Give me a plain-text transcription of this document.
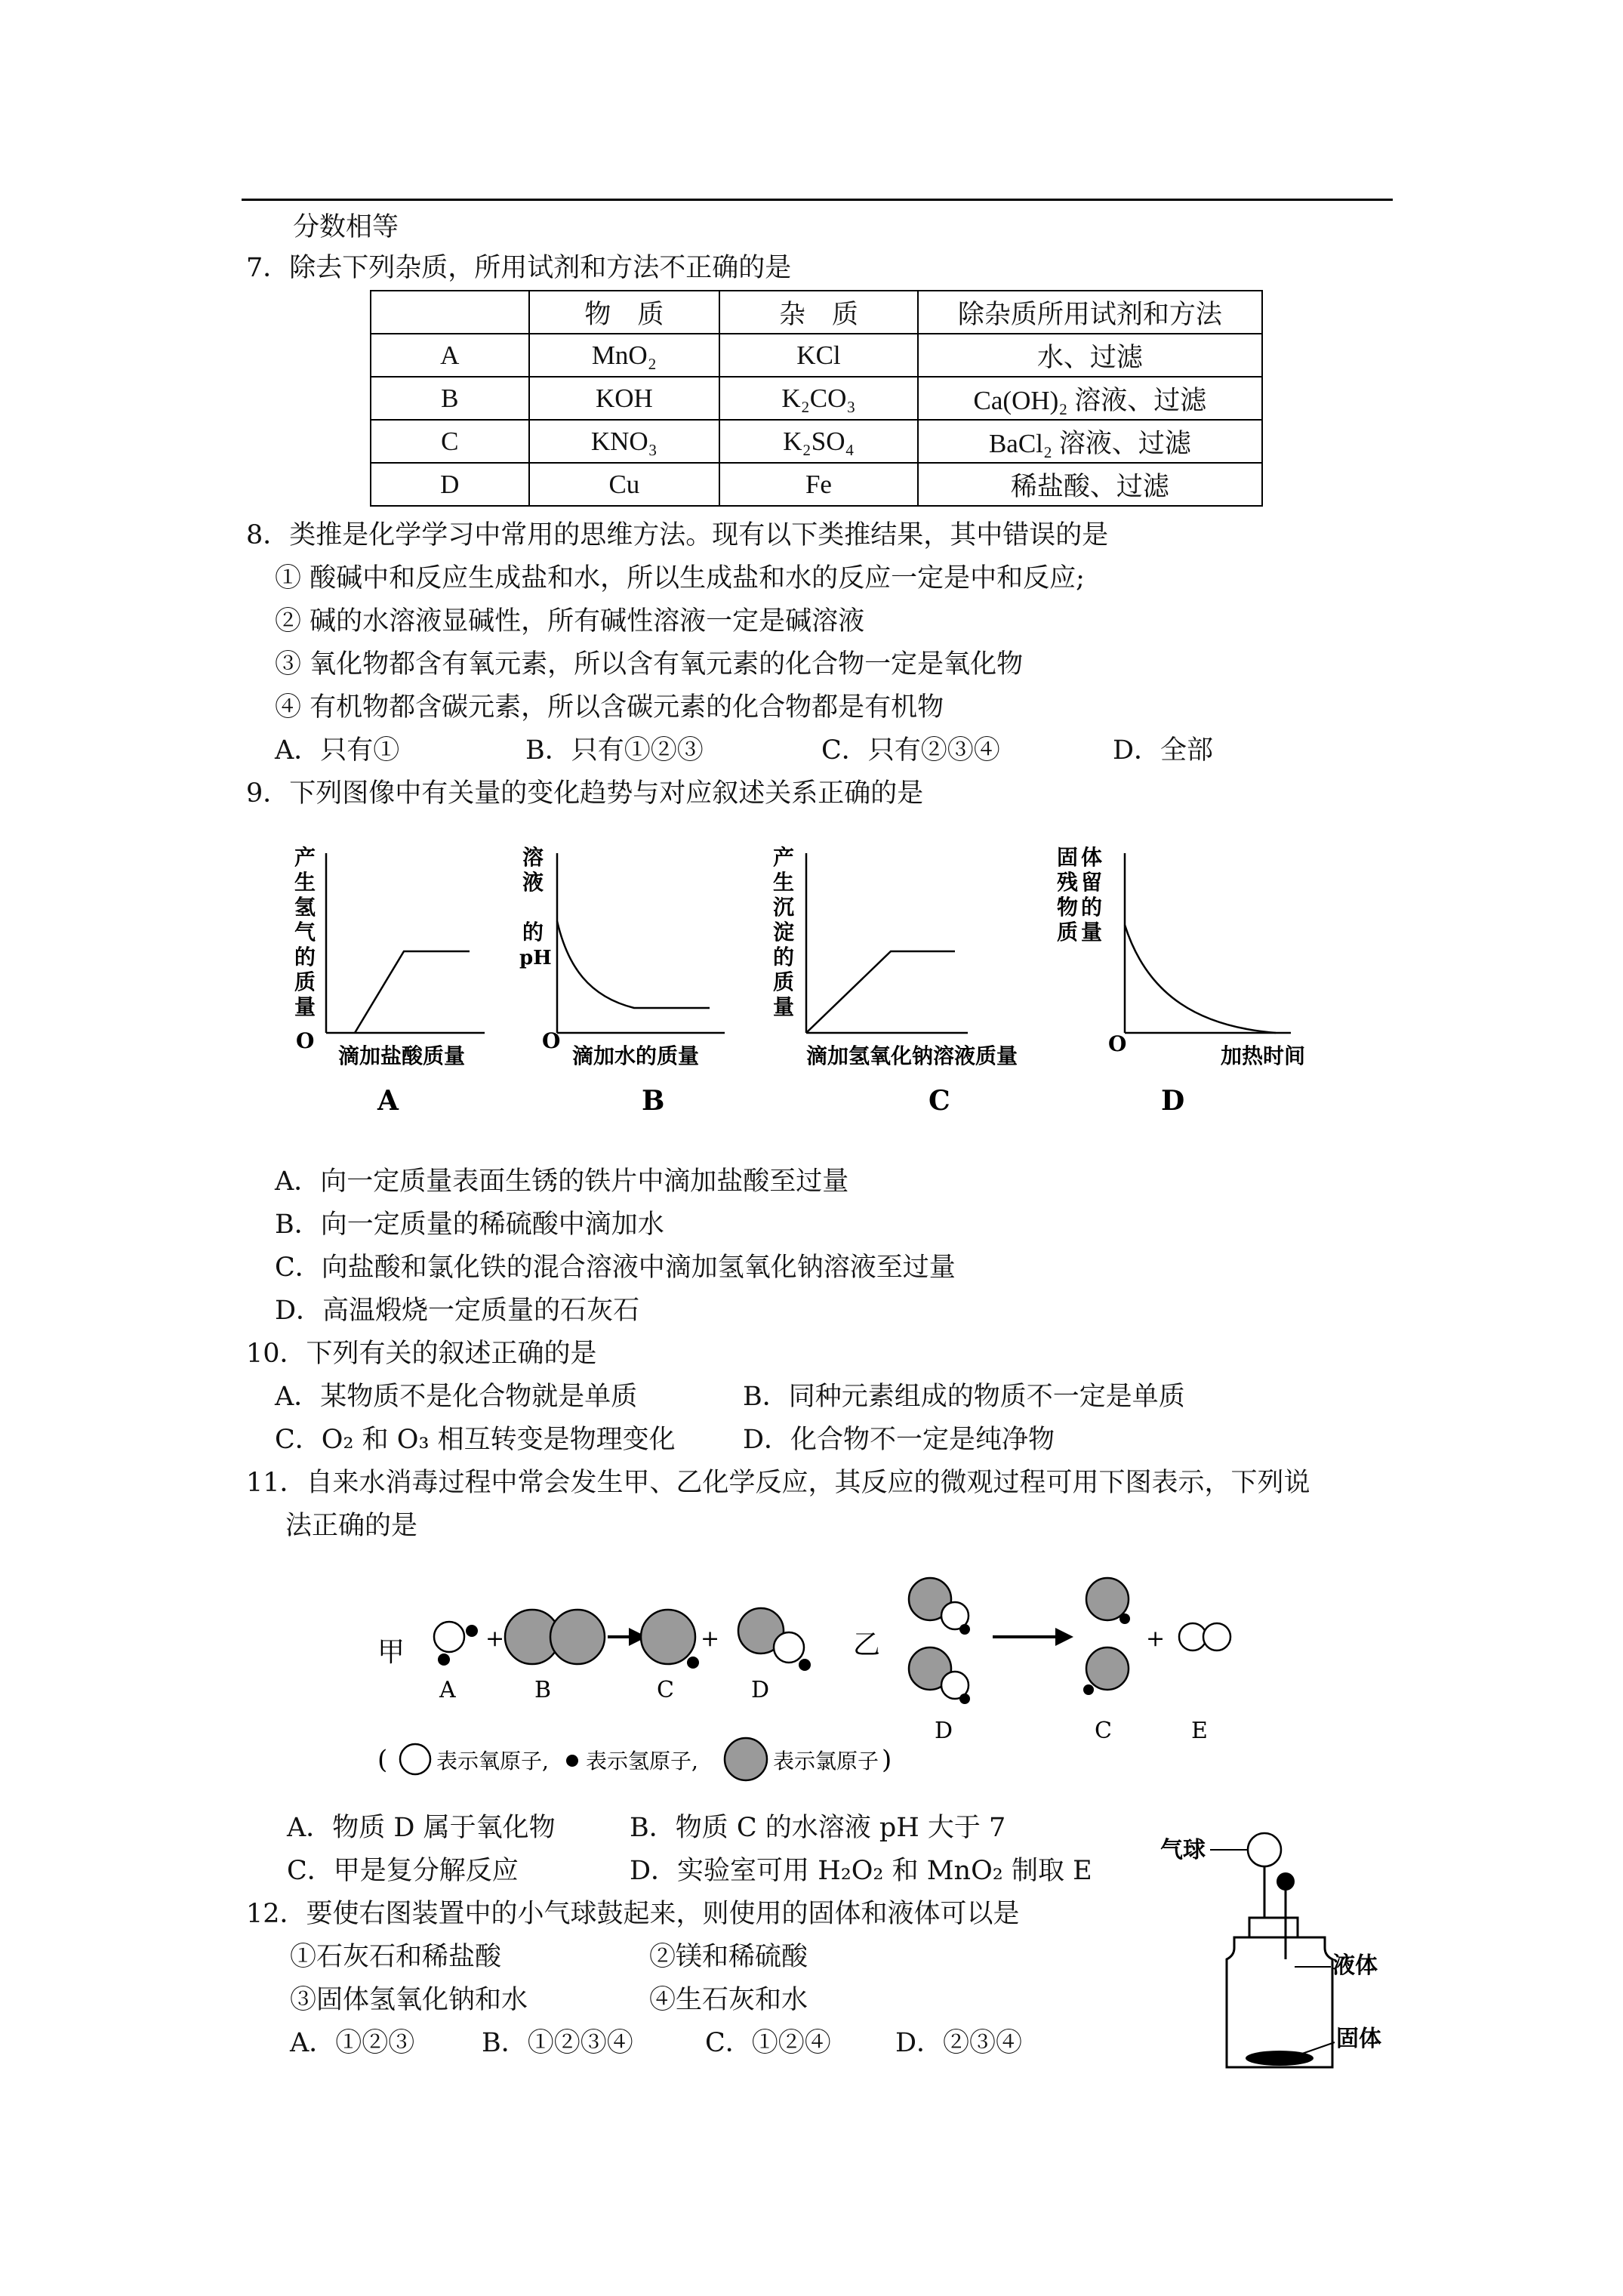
分数相等
7．除去下列杂质，所用试剂和方法不正确的是
	物　质	杂　质	除杂质所用试剂和方法
A	MnO₂	KCl	水、过滤
B	KOH	K₂CO₃	Ca(OH)₂ 溶液、过滤
C	KNO₃	K₂SO₄	BaCl₂ 溶液、过滤
D	Cu	Fe	稀盐酸、过滤
8．类推是化学学习中常用的思维方法。现有以下类推结果，其中错误的是
① 酸碱中和反应生成盐和水，所以生成盐和水的反应一定是中和反应;
② 碱的水溶液显碱性，所有碱性溶液一定是碱溶液
③ 氧化物都含有氧元素，所以含有氧元素的化合物一定是氧化物
④ 有机物都含碳元素，所以含碳元素的化合物都是有机物
A．只有①	B．只有①②③	C．只有②③④	D．全部
9．下列图像中有关量的变化趋势与对应叙述关系正确的是
产
生
氢
气
的
质
量
O
滴加盐酸质量
A
溶
液
的
pH
O
滴加水的质量
B
产
生
沉
淀
的
质
量
滴加氢氧化钠溶液质量
C
固 体
残 留
物 的
质 量
O	加热时间
D
A．向一定质量表面生锈的铁片中滴加盐酸至过量
B．向一定质量的稀硫酸中滴加水
C．向盐酸和氯化铁的混合溶液中滴加氢氧化钠溶液至过量
D．高温煅烧一定质量的石灰石
10．下列有关的叙述正确的是
A．某物质不是化合物就是单质	B．同种元素组成的物质不一定是单质
C．O₂ 和 O₃ 相互转变是物理变化	D．化合物不一定是纯净物
11．自来水消毒过程中常会发生甲、乙化学反应，其反应的微观过程可用下图表示，下列说
法正确的是
甲
A
+
B	C
+
D
乙
D	C
+
E
( 表示氧原子, 表示氢原子,	表示氯原子 )
A．物质 D 属于氧化物	B．物质 C 的水溶液 pH 大于 7
C．甲是复分解反应	D．实验室可用 H₂O₂ 和 MnO₂ 制取 E
12．要使右图装置中的小气球鼓起来，则使用的固体和液体可以是
①石灰石和稀盐酸	②镁和稀硫酸
③固体氢氧化钠和水	④生石灰和水
A．①②③	B．①②③④	C．①②④ D．②③④
气球
液体
固体
